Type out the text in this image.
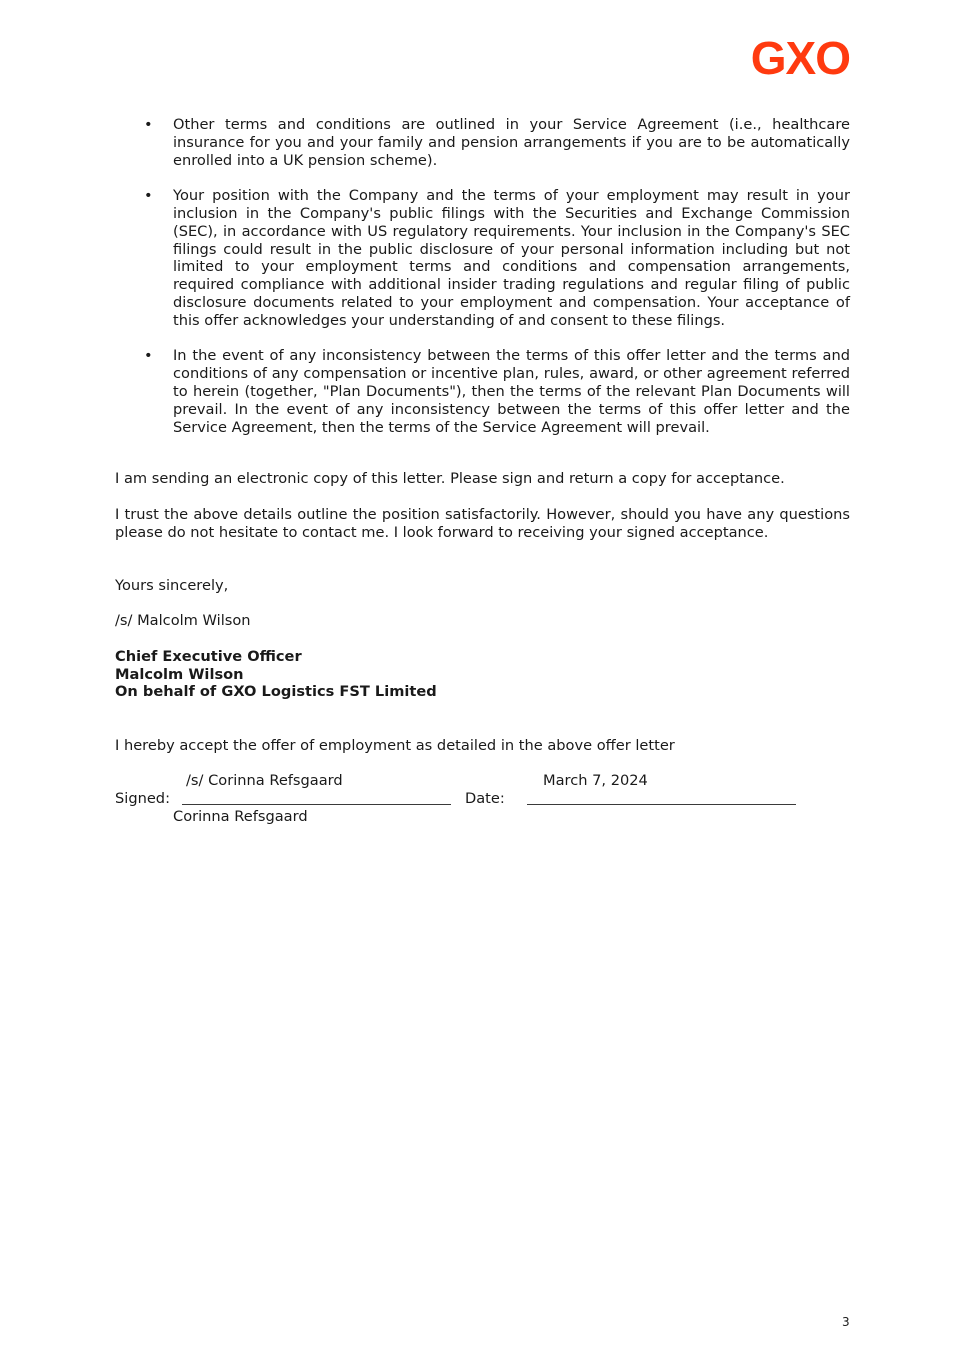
GXO
• Other terms and conditions are outlined in your Service Agreement (i.e., healthcare insurance for you and your family and pension arrangements if you are to be automatically enrolled into a UK pension scheme).
• Your position with the Company and the terms of your employment may result in your inclusion in the Company's public filings with the Securities and Exchange Commission (SEC), in accordance with US regulatory requirements. Your inclusion in the Company's SEC filings could result in the public disclosure of your personal information including but not limited to your employment terms and conditions and compensation arrangements, required compliance with additional insider trading regulations and regular filing of public disclosure documents related to your employment and compensation. Your acceptance of this offer acknowledges your understanding of and consent to these filings.
• In the event of any inconsistency between the terms of this offer letter and the terms and conditions of any compensation or incentive plan, rules, award, or other agreement referred to herein (together, "Plan Documents"), then the terms of the relevant Plan Documents will prevail. In the event of any inconsistency between the terms of this offer letter and the Service Agreement, then the terms of the Service Agreement will prevail.

I am sending an electronic copy of this letter. Please sign and return a copy for acceptance.

I trust the above details outline the position satisfactorily. However, should you have any questions please do not hesitate to contact me. I look forward to receiving your signed acceptance.

Yours sincerely,

/s/ Malcolm Wilson

Chief Executive Officer

Malcolm Wilson

On behalf of GXO Logistics FST Limited

I hereby accept the offer of employment as detailed in the above offer letter

/s/ Corinna Refsgaard	March 7, 2024
Signed:	Date:
Corinna Refsgaard
3
